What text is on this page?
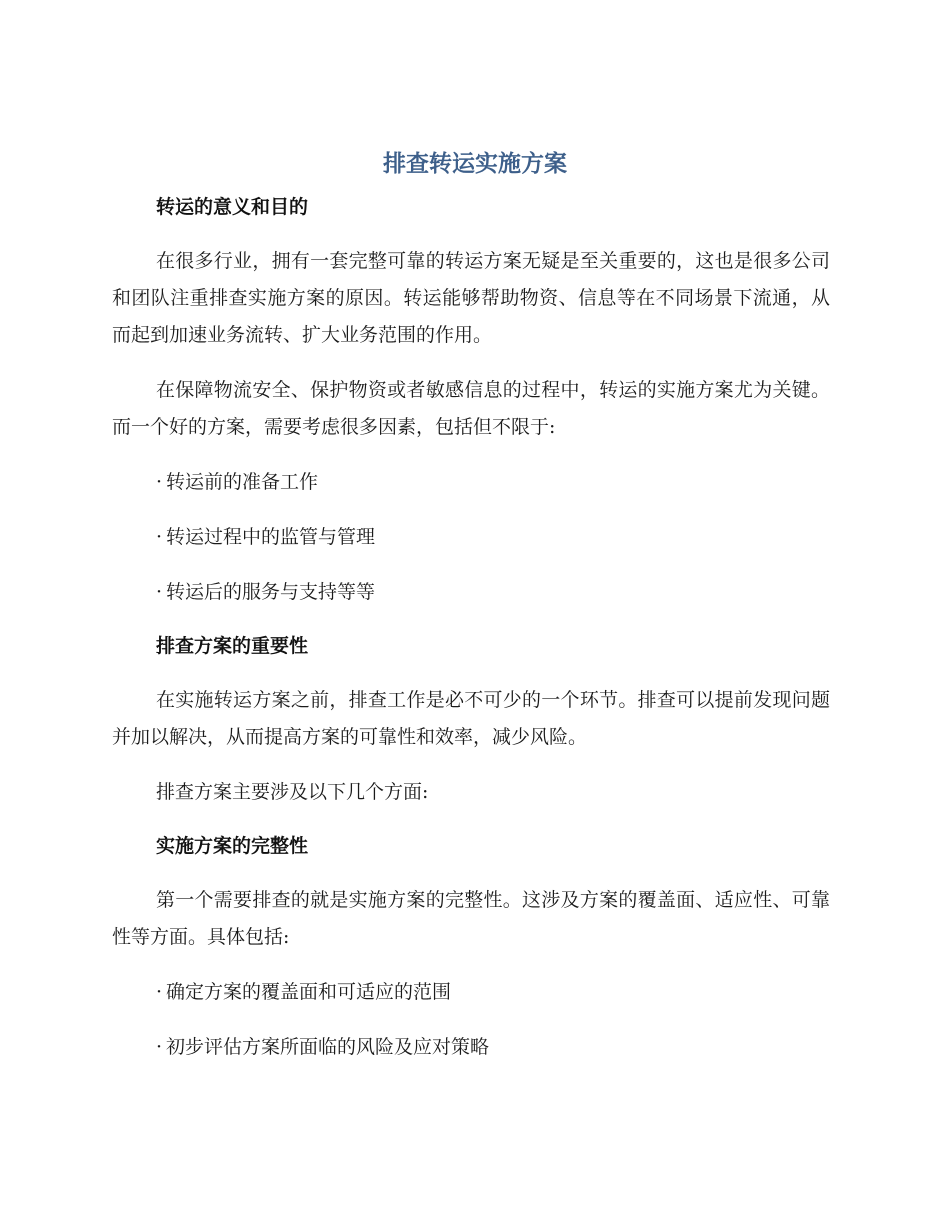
排查转运实施方案
转运的意义和目的

在很多行业，拥有一套完整可靠的转运方案无疑是至关重要的，这也是很多公司和团队注重排查实施方案的原因。转运能够帮助物资、信息等在不同场景下流通，从而起到加速业务流转、扩大业务范围的作用。

在保障物流安全、保护物资或者敏感信息的过程中，转运的实施方案尤为关键。而一个好的方案，需要考虑很多因素，包括但不限于:

· 转运前的准备工作

· 转运过程中的监管与管理

· 转运后的服务与支持等等

排查方案的重要性

在实施转运方案之前，排查工作是必不可少的一个环节。排查可以提前发现问题并加以解决，从而提高方案的可靠性和效率，减少风险。

排查方案主要涉及以下几个方面:

实施方案的完整性

第一个需要排查的就是实施方案的完整性。这涉及方案的覆盖面、适应性、可靠性等方面。具体包括:

· 确定方案的覆盖面和可适应的范围

· 初步评估方案所面临的风险及应对策略
